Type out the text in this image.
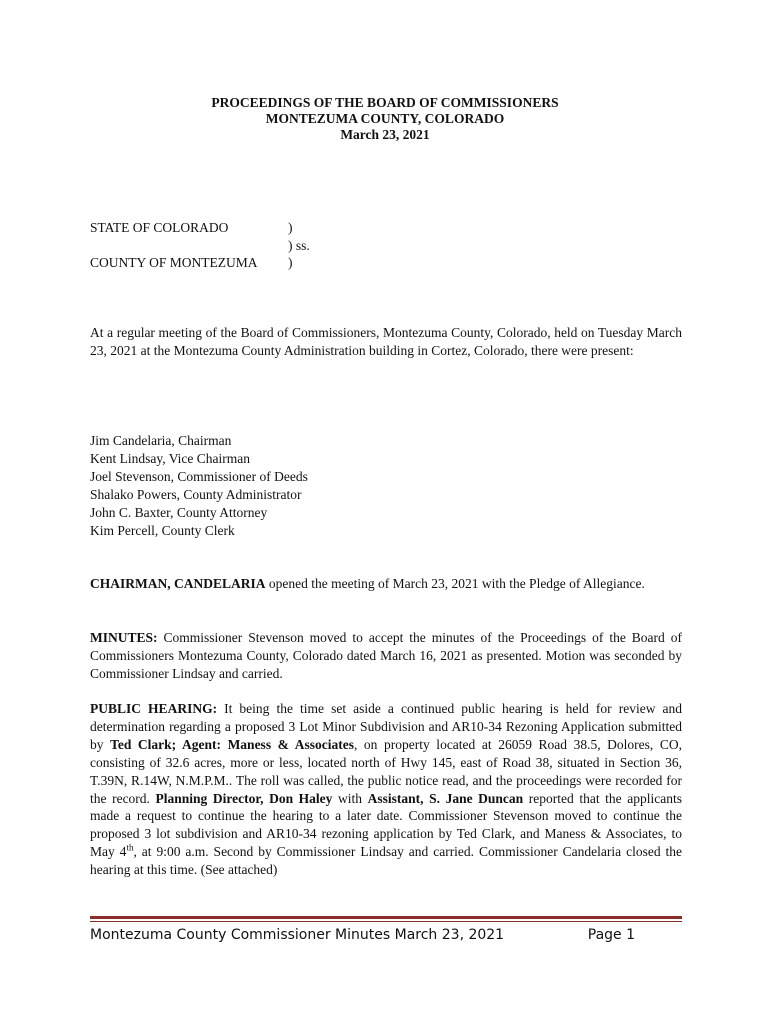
PROCEEDINGS OF THE BOARD OF COMMISSIONERS
MONTEZUMA COUNTY, COLORADO
March 23, 2021
STATE OF COLORADO	)
) ss.
COUNTY OF MONTEZUMA )

At a regular meeting of the Board of Commissioners, Montezuma County, Colorado, held on Tuesday March 23, 2021 at the Montezuma County Administration building in Cortez, Colorado, there were present:

Jim Candelaria, Chairman
Kent Lindsay, Vice Chairman
Joel Stevenson, Commissioner of Deeds
Shalako Powers, County Administrator
John C. Baxter, County Attorney
Kim Percell, County Clerk

CHAIRMAN, CANDELARIA opened the meeting of March 23, 2021 with the Pledge of Allegiance.

MINUTES: Commissioner Stevenson moved to accept the minutes of the Proceedings of the Board of Commissioners Montezuma County, Colorado dated March 16, 2021 as presented. Motion was seconded by Commissioner Lindsay and carried.

PUBLIC HEARING: It being the time set aside a continued public hearing is held for review and determination regarding a proposed 3 Lot Minor Subdivision and AR10-34 Rezoning Application submitted by Ted Clark; Agent: Maness & Associates, on property located at 26059 Road 38.5, Dolores, CO, consisting of 32.6 acres, more or less, located north of Hwy 145, east of Road 38, situated in Section 36, T.39N, R.14W, N.M.P.M.. The roll was called, the public notice read, and the proceedings were recorded for the record. Planning Director, Don Haley with Assistant, S. Jane Duncan reported that the applicants made a request to continue the hearing to a later date. Commissioner Stevenson moved to continue the proposed 3 lot subdivision and AR10-34 rezoning application by Ted Clark, and Maness & Associates, to May 4th, at 9:00 a.m. Second by Commissioner Lindsay and carried. Commissioner Candelaria closed the hearing at this time. (See attached)

Montezuma County Commissioner Minutes March 23, 2021	Page 1
